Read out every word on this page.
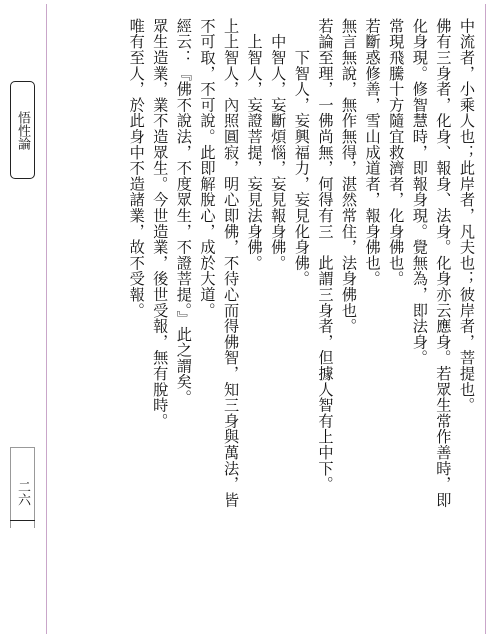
悟性論
二六
中流者，小乘人也；此岸者，凡夫也；彼岸者，菩提也。
佛有三身者，化身、報身、法身。化身亦云應身。若眾生常作善時，即
化身現。修智慧時，即報身現。覺無為，即法身。
常現飛騰十方隨宜救濟者，化身佛也。
若斷惑修善，雪山成道者，報身佛也。
無言無說，無作無得，湛然常住，法身佛也。
若論至理，一佛尚無，何得有三　此謂三身者，但據人智有上中下。
　　下智人，妄興福力，妄見化身佛。
　中智人，妄斷煩惱，妄見報身佛。
　上智人，妄證菩提，妄見法身佛。
上上智人，內照圓寂，明心即佛，不待心而得佛智，知三身與萬法，皆
不可取，不可說。此即解脫心，成於大道。
經云：『佛不說法，不度眾生，不證菩提。』此之謂矣。
眾生造業，業不造眾生。今世造業，後世受報，無有脫時。
唯有至人，於此身中不造諸業，故不受報。
